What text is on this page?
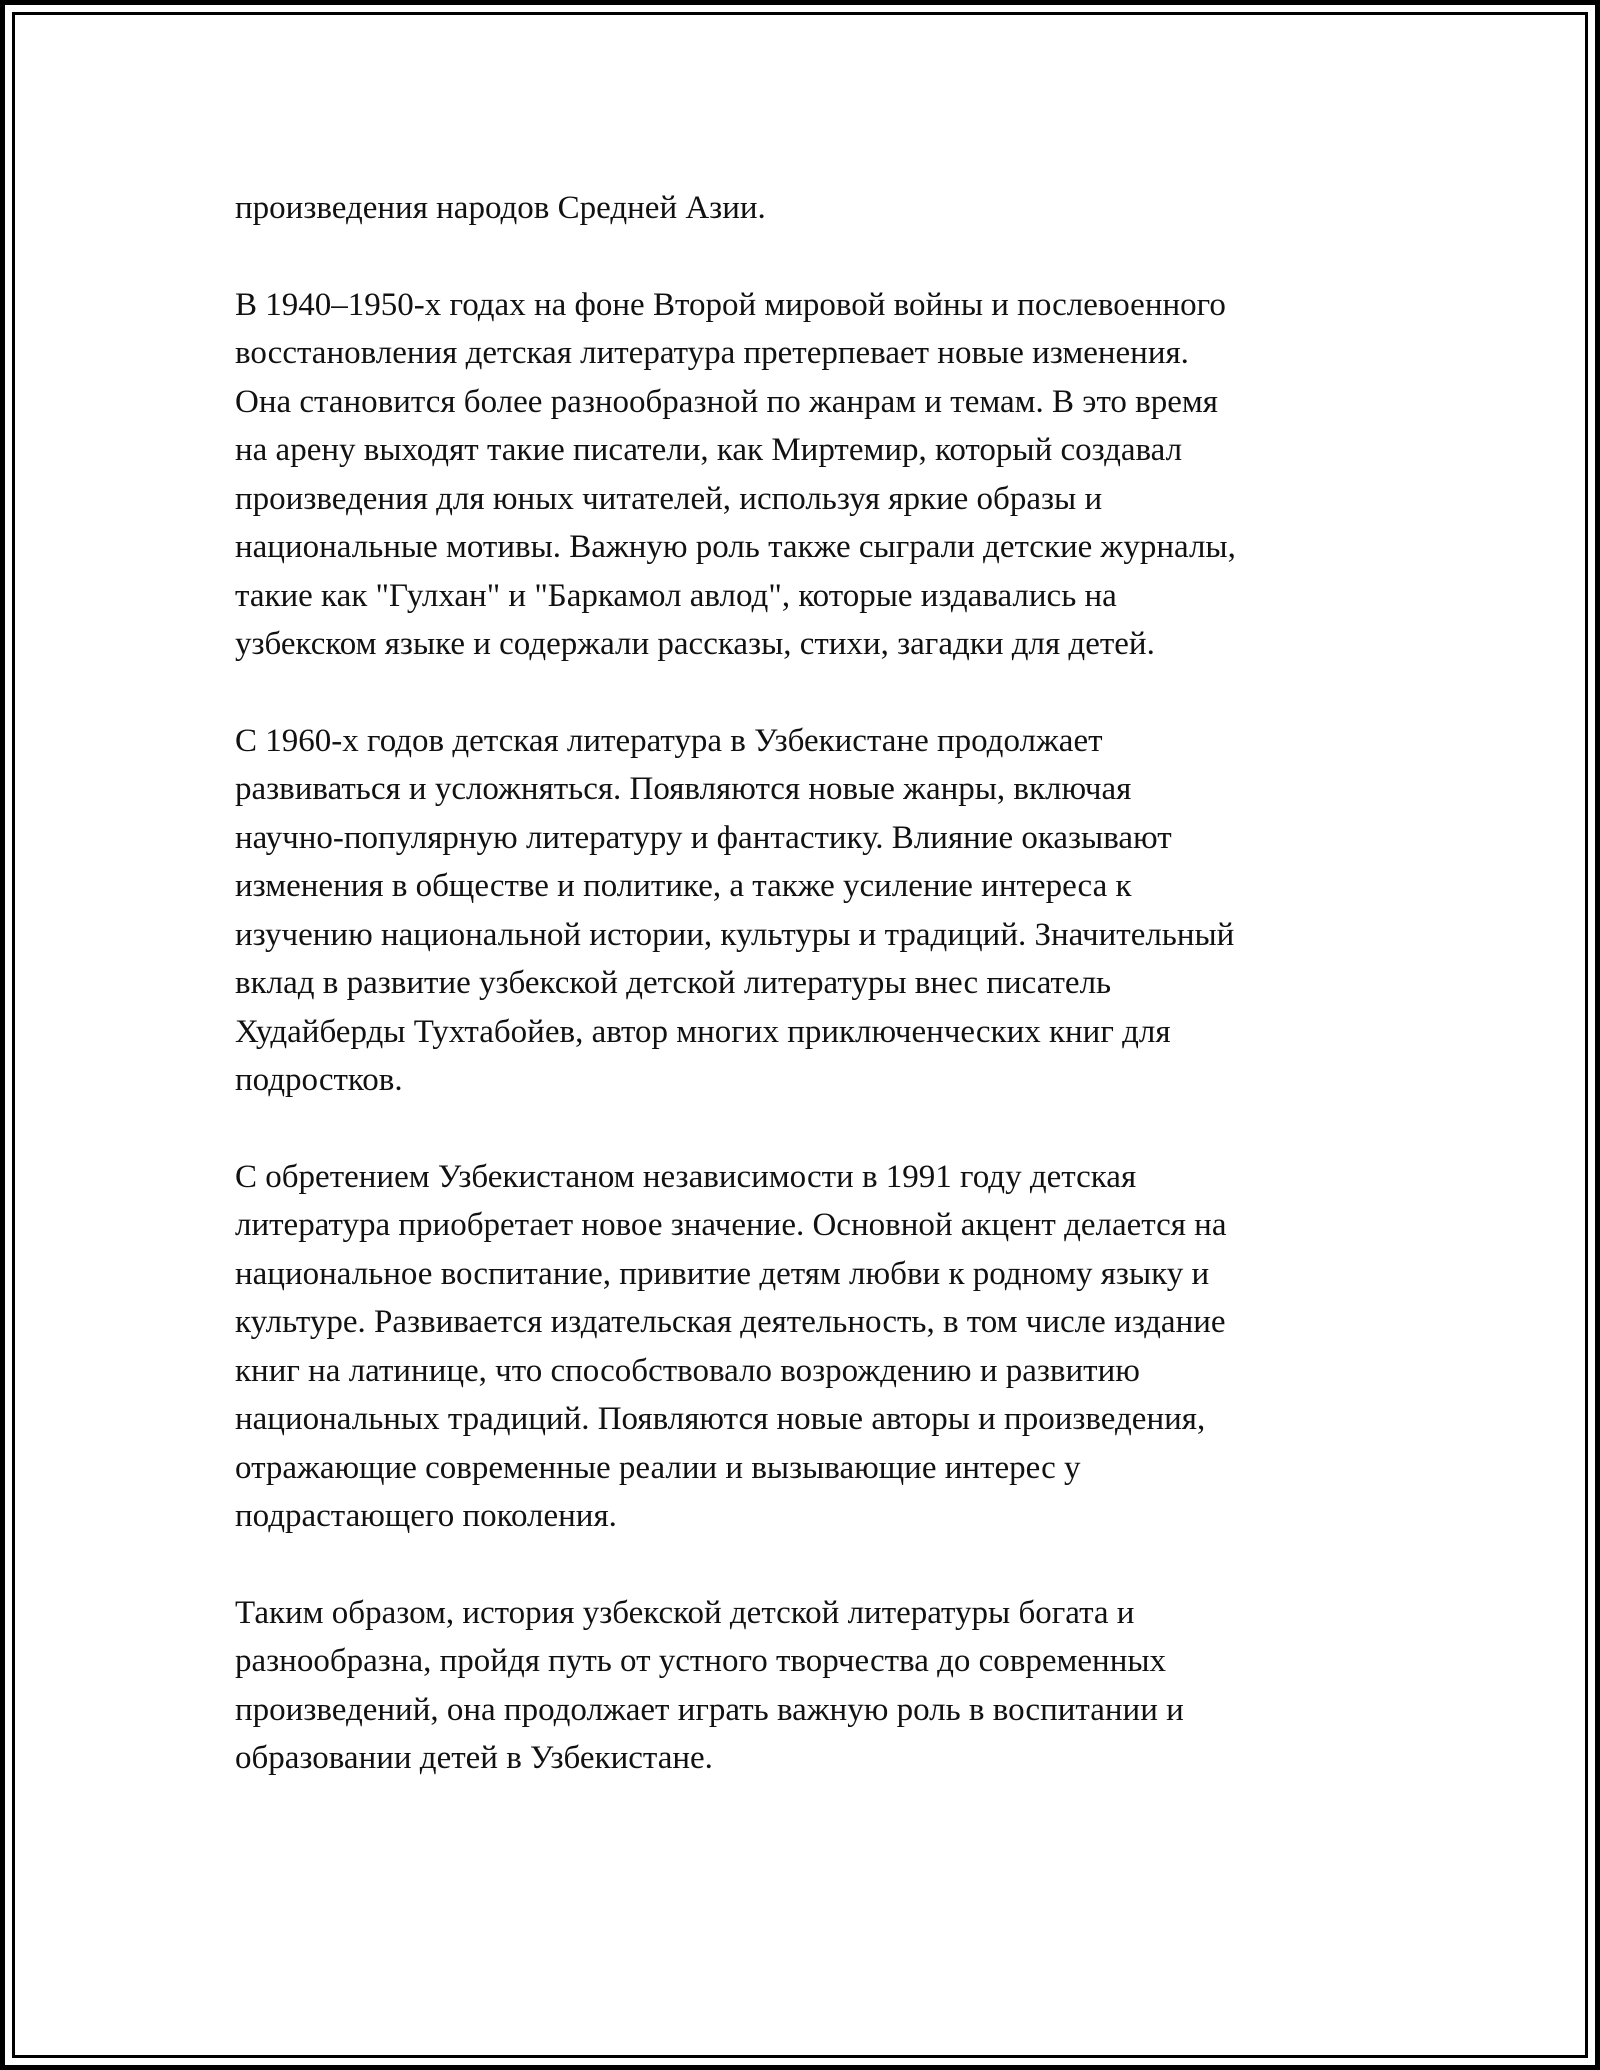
произведения народов Средней Азии.

В 1940–1950-х годах на фоне Второй мировой войны и послевоенного
восстановления детская литература претерпевает новые изменения.
Она становится более разнообразной по жанрам и темам. В это время
на арену выходят такие писатели, как Миртемир, который создавал
произведения для юных читателей, используя яркие образы и
национальные мотивы. Важную роль также сыграли детские журналы,
такие как "Гулхан" и "Баркамол авлод", которые издавались на
узбекском языке и содержали рассказы, стихи, загадки для детей.

С 1960-х годов детская литература в Узбекистане продолжает
развиваться и усложняться. Появляются новые жанры, включая
научно-популярную литературу и фантастику. Влияние оказывают
изменения в обществе и политике, а также усиление интереса к
изучению национальной истории, культуры и традиций. Значительный
вклад в развитие узбекской детской литературы внес писатель
Худайберды Тухтабойев, автор многих приключенческих книг для
подростков.

С обретением Узбекистаном независимости в 1991 году детская
литература приобретает новое значение. Основной акцент делается на
национальное воспитание, привитие детям любви к родному языку и
культуре. Развивается издательская деятельность, в том числе издание
книг на латинице, что способствовало возрождению и развитию
национальных традиций. Появляются новые авторы и произведения,
отражающие современные реалии и вызывающие интерес у
подрастающего поколения.

Таким образом, история узбекской детской литературы богата и
разнообразна, пройдя путь от устного творчества до современных
произведений, она продолжает играть важную роль в воспитании и
образовании детей в Узбекистане.
